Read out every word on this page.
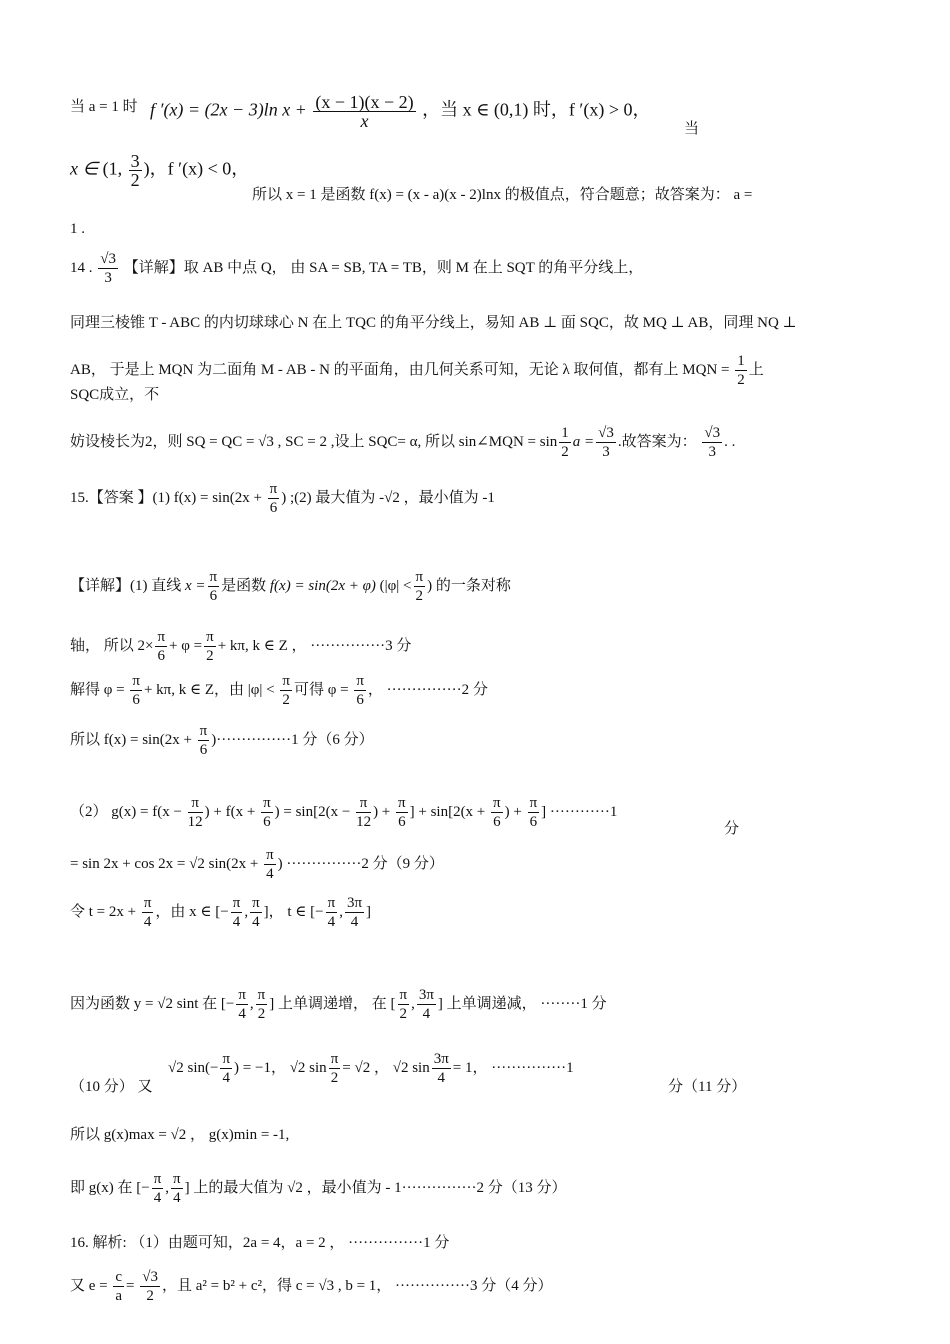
当 a = 1 时 f ′(x) = (2x − 3)ln $x + \frac{(x - 1)(x - 2)}{x}$ ，当 x ∈ (0,1) 时，f ′(x) > 0，
当
x ∈ (1, $\frac{3}{2}$ )，f ′(x) < 0，
所以 x = 1 是函数 f(x) = (x - a)(x - 2)lnx 的极值点，符合题意；故答案为： a =
1 .
14 . $\frac{√3}{3}$ 【详解】取 AB 中点 Q， 由 SA = SB, TA = TB，则 M 在上 SQT 的角平分线上，
同理三棱锥 T - ABC 的内切球球心 N 在上 TQC 的角平分线上，易知 AB ⊥ 面 SQC，故 MQ ⊥ AB，同理 NQ ⊥
AB， 于是上 MQN 为二面角 M - AB - N 的平面角，由几何关系可知，无论 λ 取何值，都有上 MQN = $\frac{1}{2}$ 上
SQC成立，不
妨设棱长为2，则 SQ = QC = √3 , SC = 2 ,设上 SQC= α, 所以 sin∠MQN = $\sin \frac{1}{2}$ $a = \frac{√3}{3}$ .故答案为： $\frac{√3}{3}$ . .
15.【答案 】(1) $f(x) = \sin(2x + \frac{\pi}{6}$ ) ;(2) 最大值为 -√2 ，最小值为 -1
【详解】(1) 直线 $x = \frac{\pi}{6}$ 是函数 f(x) = sin(2x + φ) ($|\varphi| < \frac{\pi}{2}$ ) 的一条对称
轴， 所以 $2\times \frac{\pi}{6} + \varphi = \frac{\pi}{2} + k\pi$, k ∈ Z ， ···············3 分
解得 $\varphi = \frac{\pi}{6} + k\pi$, k ∈ Z，由 $|\varphi| < \frac{\pi}{2}$ 可得 $\varphi = \frac{\pi}{6}$ ， ···············2 分
所以 $f(x) = \sin(2x + \frac{\pi}{6} )\cdot\cdot\cdot\cdot\cdot\cdot\cdot\cdot\cdot\cdot\cdot\cdot\cdot\cdot\cdot 1$ 分（6 分）
（2） $g(x) = f(x - \frac{\pi}{12}$ ) + $f(x + \frac{\pi}{6}$ ) = $\sin[2(x - \frac{\pi}{12}$ ) + $\frac{\pi}{6}$ ] + $\sin[2(x + \frac{\pi}{6}$ ) + $\frac{\pi}{6}$ ] ············1
分
= sin 2x + cos 2x = √2 $\sin(2x + \frac{\pi}{4}$ ) ···············2 分（9 分）
令 $t = 2x + \frac{\pi}{4}$ ，由 x ∈ [− $\frac{\pi}{4}$ , $\frac{\pi}{4}$ ]， t ∈ [− $\frac{\pi}{4}$ , $\frac{3\pi}{4}$ ]
因为函数 y = √2 sint 在 [− $\frac{\pi}{4}$ , $\frac{\pi}{2}$ ] 上单调递增， 在 [ $\frac{\pi}{2}$ , $\frac{3\pi}{4}$ ] 上单调递减， ········1 分
√2 $\sin(- \frac{\pi}{4}$ ) = −1， √2 $\sin \frac{\pi}{2} = √2$ ， √2 $\sin \frac{3\pi}{4} = 1$， ···············1
（10 分） 又	分（11 分）
所以 g(x)max = √2 ， g(x)min = -1,
即 g(x) 在 [− $\frac{\pi}{4}$ , $\frac{\pi}{4}$ ] 上的最大值为 √2 ，最小值为 - 1···············2 分（13 分）
16. 解析: （1）由题可知，2a = 4，a = 2 ， ···············1 分
又 $e = \frac{c}{a} = \frac{√3}{2}$ ，且 a² = b² + c²，得 c = √3 , b = 1， ···············3 分（4 分）
